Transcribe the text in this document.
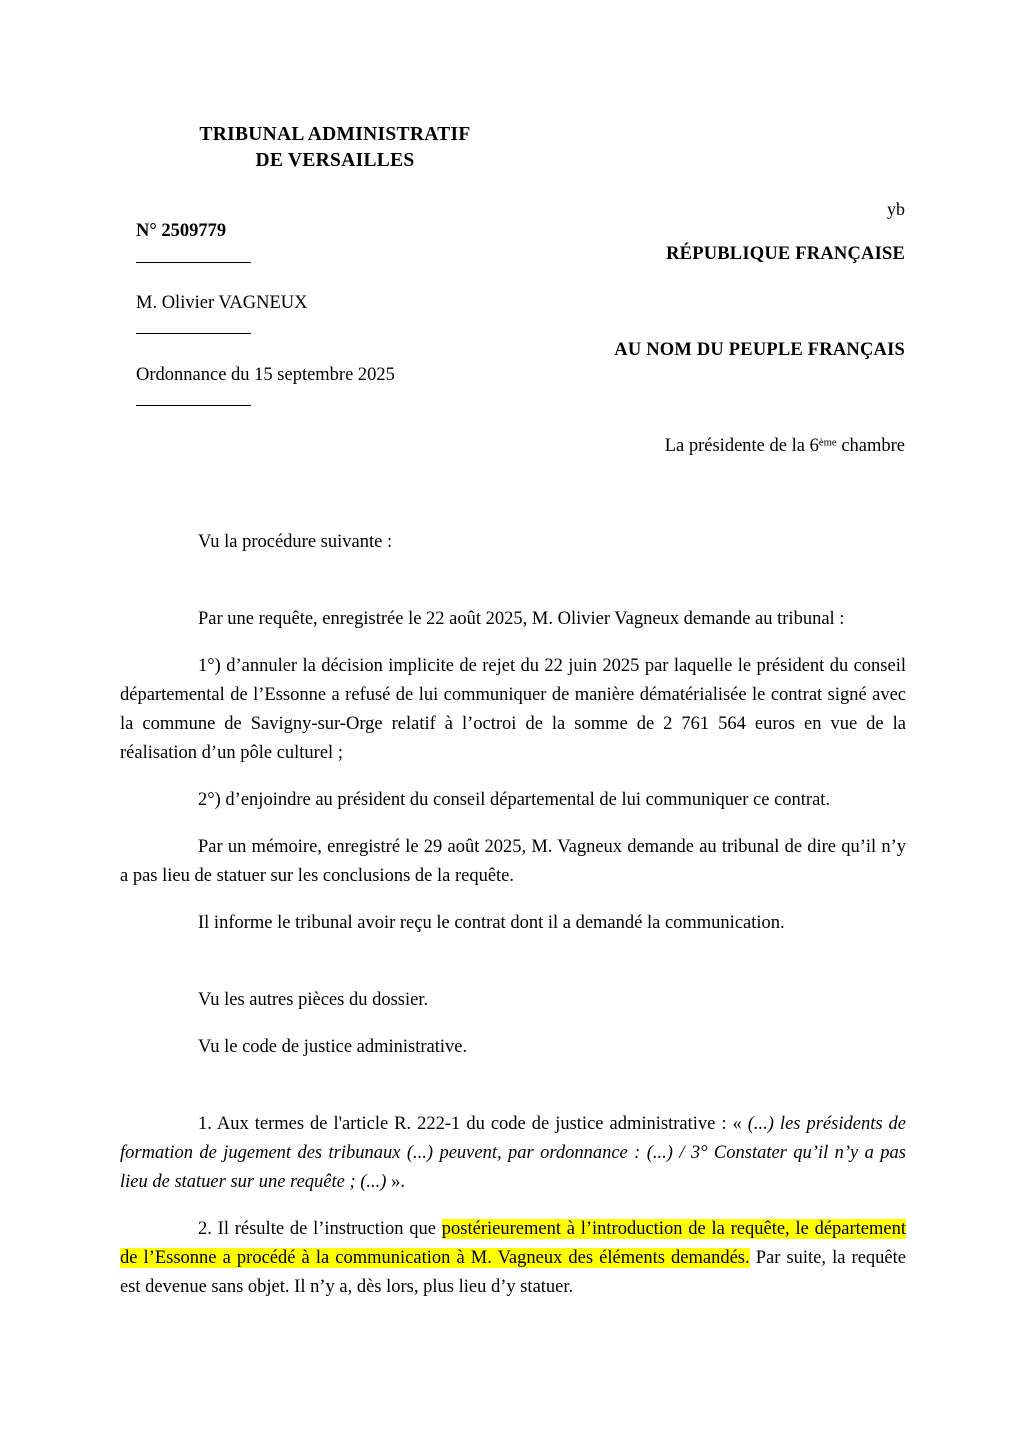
TRIBUNAL ADMINISTRATIF
DE VERSAILLES
yb
N° 2509779
RÉPUBLIQUE FRANÇAISE
M. Olivier VAGNEUX
AU NOM DU PEUPLE FRANÇAIS
Ordonnance du 15 septembre 2025
La présidente de la 6ème chambre

Vu la procédure suivante :

Par une requête, enregistrée le 22 août 2025, M. Olivier Vagneux demande au tribunal :

1°) d’annuler la décision implicite de rejet du 22 juin 2025 par laquelle le président du conseil départemental de l’Essonne a refusé de lui communiquer de manière dématérialisée le contrat signé avec la commune de Savigny-sur-Orge relatif à l’octroi de la somme de 2 761 564 euros en vue de la réalisation d’un pôle culturel ;

2°) d’enjoindre au président du conseil départemental de lui communiquer ce contrat.

Par un mémoire, enregistré le 29 août 2025, M. Vagneux demande au tribunal de dire qu’il n’y a pas lieu de statuer sur les conclusions de la requête.

Il informe le tribunal avoir reçu le contrat dont il a demandé la communication.

Vu les autres pièces du dossier.

Vu le code de justice administrative.

1. Aux termes de l'article R. 222-1 du code de justice administrative : « (...) les présidents de formation de jugement des tribunaux (...) peuvent, par ordonnance : (...) / 3° Constater qu’il n’y a pas lieu de statuer sur une requête ; (...) ».

2. Il résulte de l’instruction que postérieurement à l’introduction de la requête, le département de l’Essonne a procédé à la communication à M. Vagneux des éléments demandés. Par suite, la requête est devenue sans objet. Il n’y a, dès lors, plus lieu d’y statuer.
